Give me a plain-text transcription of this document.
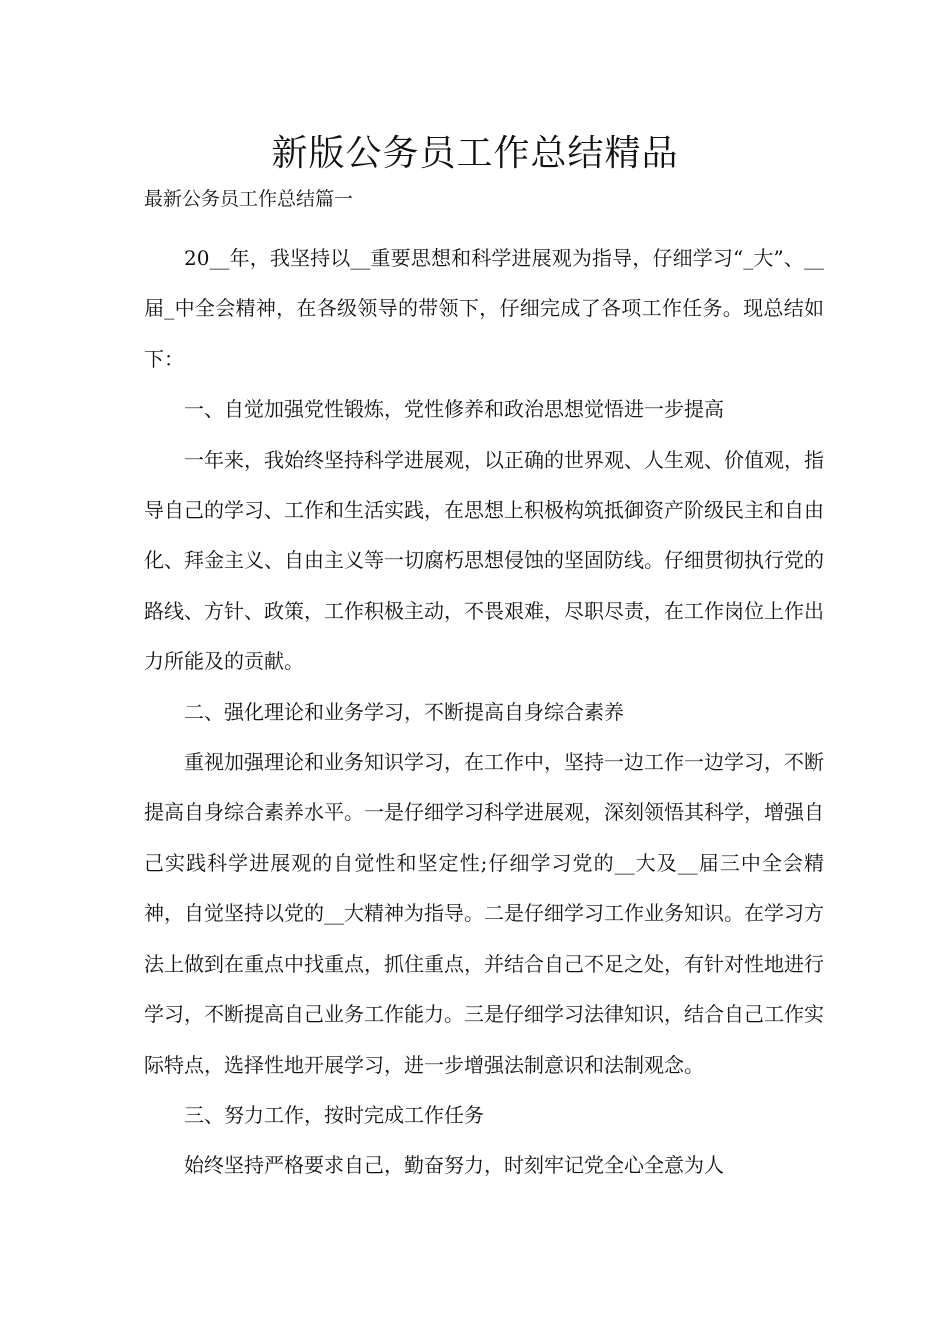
新版公务员工作总结精品

最新公务员工作总结篇一

20__年，我坚持以__重要思想和科学进展观为指导，仔细学习“_大”、__届_中全会精神，在各级领导的带领下，仔细完成了各项工作任务。现总结如下：

一、自觉加强党性锻炼，党性修养和政治思想觉悟进一步提高

一年来，我始终坚持科学进展观，以正确的世界观、人生观、价值观，指导自己的学习、工作和生活实践，在思想上积极构筑抵御资产阶级民主和自由化、拜金主义、自由主义等一切腐朽思想侵蚀的坚固防线。仔细贯彻执行党的路线、方针、政策，工作积极主动，不畏艰难，尽职尽责，在工作岗位上作出力所能及的贡献。

二、强化理论和业务学习，不断提高自身综合素养

重视加强理论和业务知识学习，在工作中，坚持一边工作一边学习，不断提高自身综合素养水平。一是仔细学习科学进展观，深刻领悟其科学，增强自己实践科学进展观的自觉性和坚定性;仔细学习党的__大及__届三中全会精神，自觉坚持以党的__大精神为指导。二是仔细学习工作业务知识。在学习方法上做到在重点中找重点，抓住重点，并结合自己不足之处，有针对性地进行学习，不断提高自己业务工作能力。三是仔细学习法律知识，结合自己工作实际特点，选择性地开展学习，进一步增强法制意识和法制观念。

三、努力工作，按时完成工作任务

始终坚持严格要求自己，勤奋努力，时刻牢记党全心全意为人
